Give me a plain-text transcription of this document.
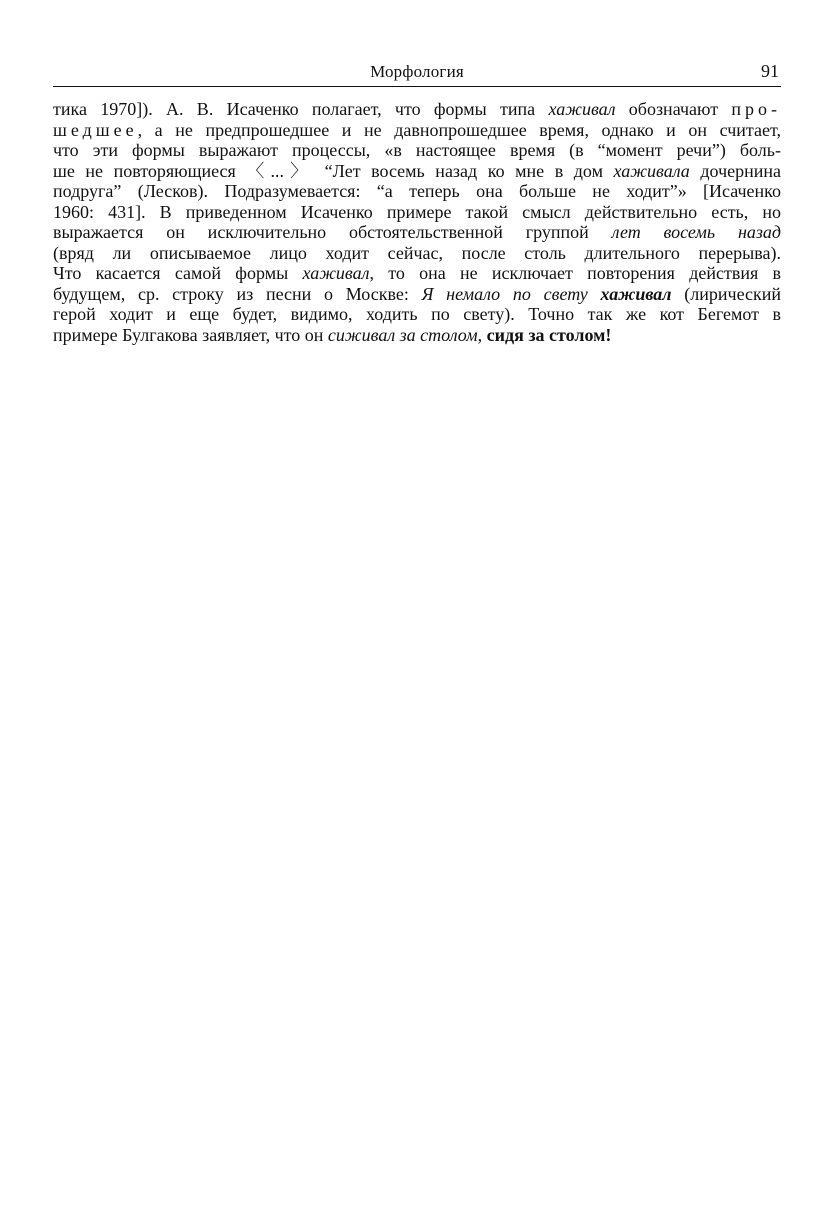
Морфология	91
тика 1970]). А. В. Исаченко полагает, что формы типа хаживал обозначают про-
шедшее, а не предпрошедшее и не давнопрошедшее время, однако и он считает,
что эти формы выражают процессы, «в настоящее время (в “момент речи”) боль-
ше не повторяющиеся 〈...〉 “Лет восемь назад ко мне в дом хаживала дочернина
подруга” (Лесков). Подразумевается: “а теперь она больше не ходит”» [Исаченко
1960: 431]. В приведенном Исаченко примере такой смысл действительно есть, но
выражается он исключительно обстоятельственной группой лет восемь назад
(вряд ли описываемое лицо ходит сейчас, после столь длительного перерыва).
Что касается самой формы хаживал, то она не исключает повторения действия в
будущем, ср. строку из песни о Москве: Я немало по свету хаживал (лирический
герой ходит и еще будет, видимо, ходить по свету). Точно так же кот Бегемот в
примере Булгакова заявляет, что он сиживал за столом, сидя за столом!
